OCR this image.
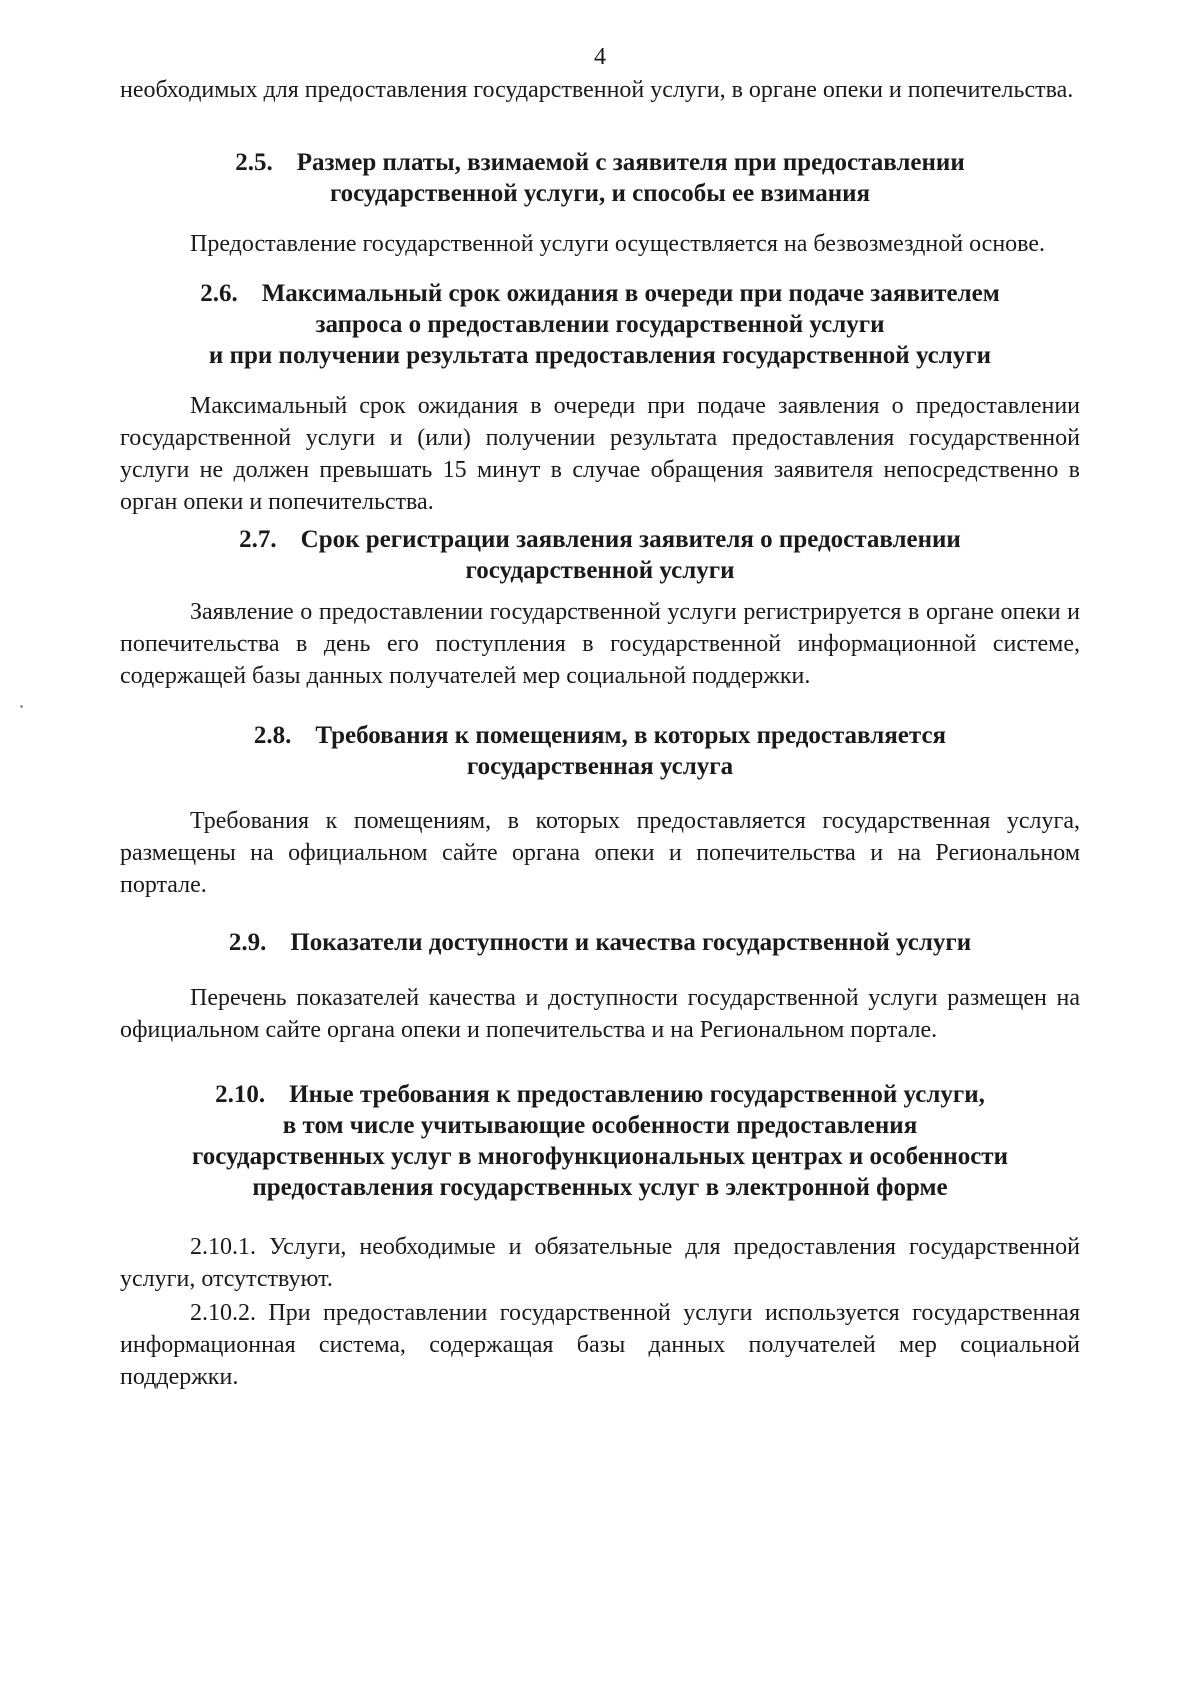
4

необходимых для предоставления государственной услуги, в органе опеки и попечительства.

2.5. Размер платы, взимаемой с заявителя при предоставлении
государственной услуги, и способы ее взимания

Предоставление государственной услуги осуществляется на безвозмездной основе.

2.6. Максимальный срок ожидания в очереди при подаче заявителем
запроса о предоставлении государственной услуги
и при получении результата предоставления государственной услуги

Максимальный срок ожидания в очереди при подаче заявления о предоставлении государственной услуги и (или) получении результата предоставления государственной услуги не должен превышать 15 минут в случае обращения заявителя непосредственно в орган опеки и попечительства.

2.7. Срок регистрации заявления заявителя о предоставлении
государственной услуги

Заявление о предоставлении государственной услуги регистрируется в органе опеки и попечительства в день его поступления в государственной информационной системе, содержащей базы данных получателей мер социальной поддержки.

2.8. Требования к помещениям, в которых предоставляется
государственная услуга

Требования к помещениям, в которых предоставляется государственная услуга, размещены на официальном сайте органа опеки и попечительства и на Региональном портале.

2.9. Показатели доступности и качества государственной услуги

Перечень показателей качества и доступности государственной услуги размещен на официальном сайте органа опеки и попечительства и на Региональном портале.

2.10. Иные требования к предоставлению государственной услуги,
в том числе учитывающие особенности предоставления
государственных услуг в многофункциональных центрах и особенности
предоставления государственных услуг в электронной форме

2.10.1. Услуги, необходимые и обязательные для предоставления государственной услуги, отсутствуют.

2.10.2. При предоставлении государственной услуги используется государственная информационная система, содержащая базы данных получателей мер социальной поддержки.
